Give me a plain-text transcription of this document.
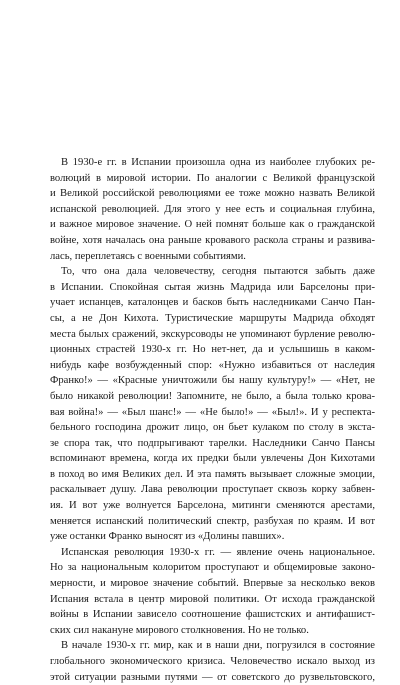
В 1930-е гг. в Испании произошла одна из наиболее глубоких ре-
волюций в мировой истории. По аналогии с Великой французской
и Великой российской революциями ее тоже можно назвать Великой
испанской революцией. Для этого у нее есть и социальная глубина,
и важное мировое значение. О ней помнят больше как о гражданской
войне, хотя началась она раньше кровавого раскола страны и развива-
лась, переплетаясь с военными событиями.
То, что она дала человечеству, сегодня пытаются забыть даже
в Испании. Спокойная сытая жизнь Мадрида или Барселоны при-
учает испанцев, каталонцев и басков быть наследниками Санчо Пан-
сы, а не Дон Кихота. Туристические маршруты Мадрида обходят
места былых сражений, экскурсоводы не упоминают бурление револю-
ционных страстей 1930-х гг. Но нет-нет, да и услышишь в каком-
нибудь кафе возбужденный спор: «Нужно избавиться от наследия
Франко!» — «Красные уничтожили бы нашу культуру!» — «Нет, не
было никакой революции! Запомните, не было, а была только крова-
вая война!» — «Был шанс!» — «Не было!» — «Был!». И у респекта-
бельного господина дрожит лицо, он бьет кулаком по столу в экста-
зе спора так, что подпрыгивают тарелки. Наследники Санчо Пансы
вспоминают времена, когда их предки были увлечены Дон Кихотами
в поход во имя Великих дел. И эта память вызывает сложные эмоции,
раскалывает душу. Лава революции проступает сквозь корку забвен-
ия. И вот уже волнуется Барселона, митинги сменяются арестами,
меняется испанский политический спектр, разбухая по краям. И вот
уже останки Франко выносят из «Долины павших».
Испанская революция 1930-х гг. — явление очень национальное.
Но за национальным колоритом проступают и общемировые законо-
мерности, и мировое значение событий. Впервые за несколько веков
Испания встала в центр мировой политики. От исхода гражданской
войны в Испании зависело соотношение фашистских и антифашист-
ских сил накануне мирового столкновения. Но не только.
В начале 1930-х гг. мир, как и в наши дни, погрузился в состояние
глобального экономического кризиса. Человечество искало выход из
этой ситуации разными путями — от советского до рузвельтовского,
